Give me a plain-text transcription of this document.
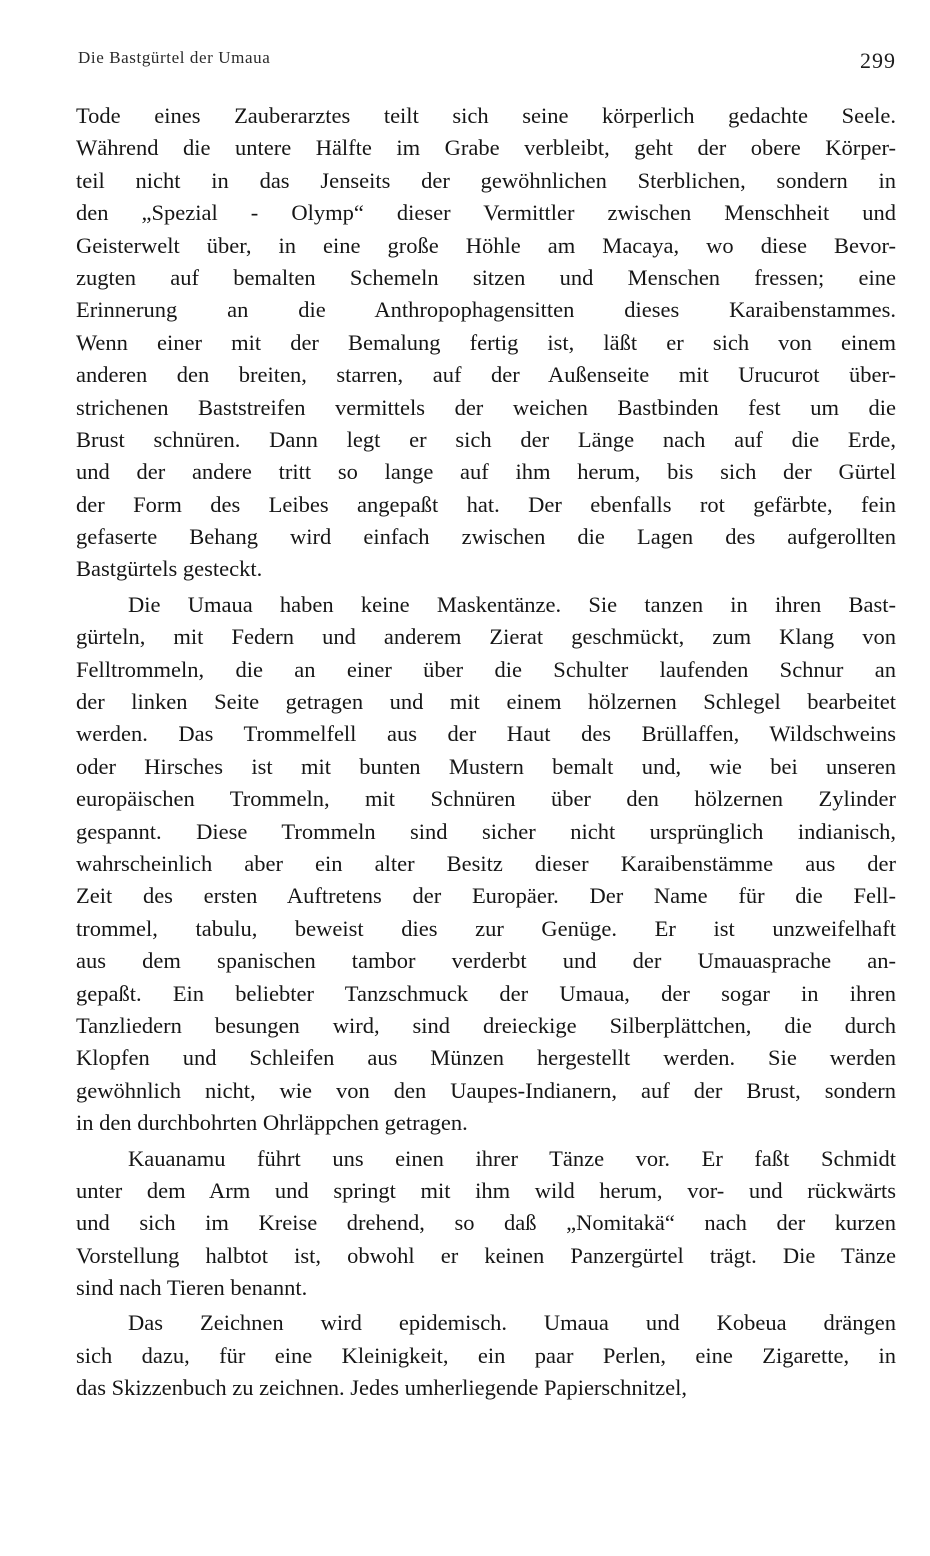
Die Bastgürtel der Umaua	299
Tode eines Zauberarztes teilt sich seine körperlich gedachte Seele.
Während die untere Hälfte im Grabe verbleibt, geht der obere Körper-
teil nicht in das Jenseits der gewöhnlichen Sterblichen, sondern in
den „Spezial - Olymp“ dieser Vermittler zwischen Menschheit und
Geisterwelt über, in eine große Höhle am Macaya, wo diese Bevor-
zugten auf bemalten Schemeln sitzen und Menschen fressen; eine
Erinnerung an die Anthropophagensitten dieses Karaibenstammes.
Wenn einer mit der Bemalung fertig ist, läßt er sich von einem
anderen den breiten, starren, auf der Außenseite mit Urucurot über-
strichenen Baststreifen vermittels der weichen Bastbinden fest um die
Brust schnüren. Dann legt er sich der Länge nach auf die Erde,
und der andere tritt so lange auf ihm herum, bis sich der Gürtel
der Form des Leibes angepaßt hat. Der ebenfalls rot gefärbte, fein
gefaserte Behang wird einfach zwischen die Lagen des aufgerollten
Bastgürtels gesteckt.
Die Umaua haben keine Maskentänze. Sie tanzen in ihren Bast-
gürteln, mit Federn und anderem Zierat geschmückt, zum Klang von
Felltrommeln, die an einer über die Schulter laufenden Schnur an
der linken Seite getragen und mit einem hölzernen Schlegel bearbeitet
werden. Das Trommelfell aus der Haut des Brüllaffen, Wildschweins
oder Hirsches ist mit bunten Mustern bemalt und, wie bei unseren
europäischen Trommeln, mit Schnüren über den hölzernen Zylinder
gespannt. Diese Trommeln sind sicher nicht ursprünglich indianisch,
wahrscheinlich aber ein alter Besitz dieser Karaibenstämme aus der
Zeit des ersten Auftretens der Europäer. Der Name für die Fell-
trommel, tabulu, beweist dies zur Genüge. Er ist unzweifelhaft
aus dem spanischen tambor verderbt und der Umauasprache an-
gepaßt. Ein beliebter Tanzschmuck der Umaua, der sogar in ihren
Tanzliedern besungen wird, sind dreieckige Silberplättchen, die durch
Klopfen und Schleifen aus Münzen hergestellt werden. Sie werden
gewöhnlich nicht, wie von den Uaupes-Indianern, auf der Brust, sondern
in den durchbohrten Ohrläppchen getragen.
Kauanamu führt uns einen ihrer Tänze vor. Er faßt Schmidt
unter dem Arm und springt mit ihm wild herum, vor- und rückwärts
und sich im Kreise drehend, so daß „Nomitakä“ nach der kurzen
Vorstellung halbtot ist, obwohl er keinen Panzergürtel trägt. Die Tänze
sind nach Tieren benannt.
Das Zeichnen wird epidemisch. Umaua und Kobeua drängen
sich dazu, für eine Kleinigkeit, ein paar Perlen, eine Zigarette, in
das Skizzenbuch zu zeichnen. Jedes umherliegende Papierschnitzel,
